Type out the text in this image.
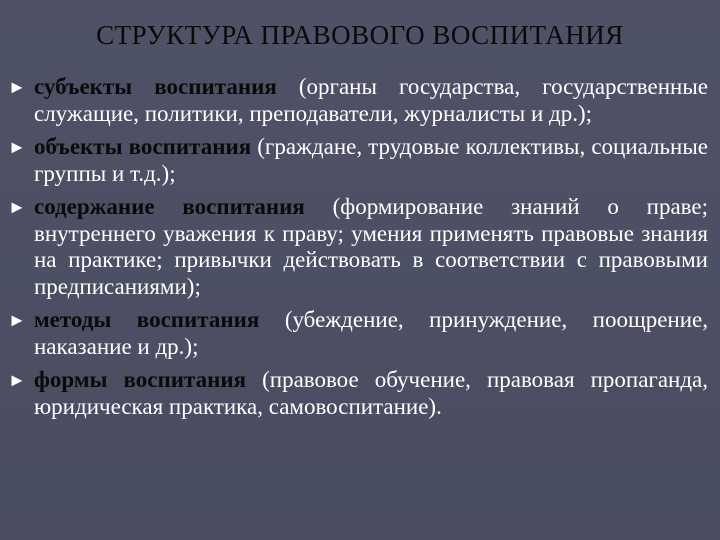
СТРУКТУРА ПРАВОВОГО ВОСПИТАНИЯ
► субъекты воспитания (органы государства, государственные служащие, политики, преподаватели, журналисты и др.);
► объекты воспитания (граждане, трудовые коллективы, социальные группы и т.д.);
► содержание воспитания (формирование знаний о праве; внутреннего уважения к праву; умения применять правовые знания на практике; привычки действовать в соответствии с правовыми предписаниями);
► методы воспитания (убеждение, принуждение, поощрение, наказание и др.);
► формы воспитания (правовое обучение, правовая пропаганда, юридическая практика, самовоспитание).
